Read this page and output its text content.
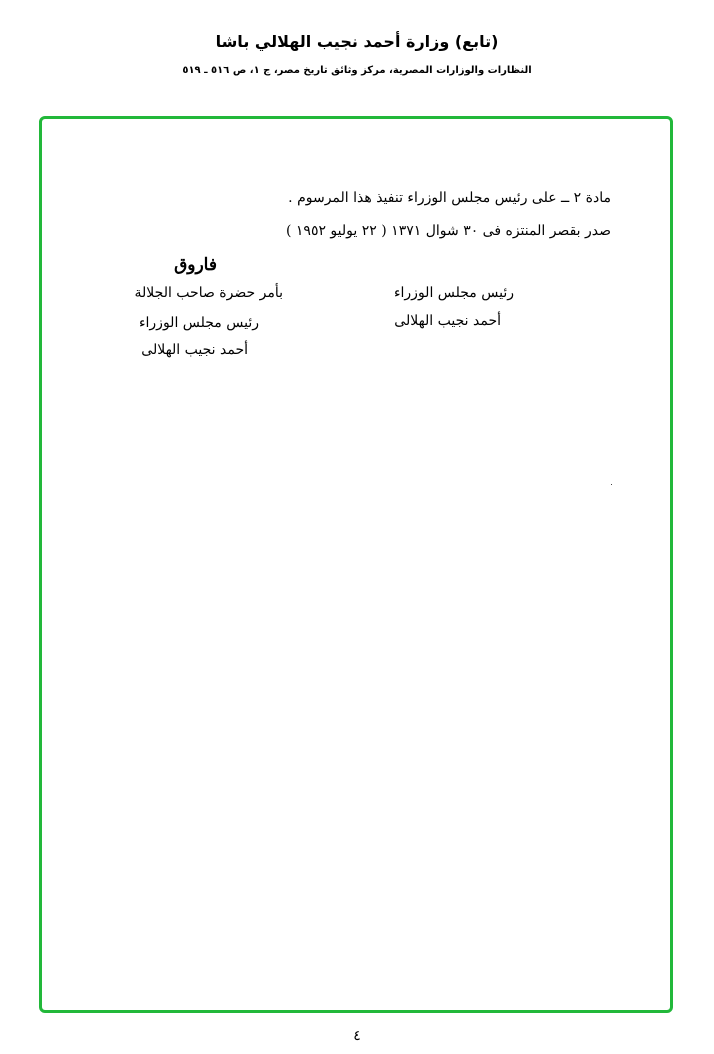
(تابع) وزارة أحمد نجيب الهلالي باشا
النظارات والوزارات المصرية، مركز وثائق تاريخ مصر، ج ١، ص ٥١٦ ـ ٥١٩
مادة ٢ ــ على رئيس مجلس الوزراء تنفيذ هذا المرسوم .
صدر بقصر المنتزه فى ٣٠ شوال ١٣٧١ ( ٢٢ يوليو ١٩٥٢ )
فاروق
بأمر حضرة صاحب الجلالة	رئيس مجلس الوزراء
أحمد نجيب الهلالى
رئيس مجلس الوزراء
أحمد نجيب الهلالى
٤
